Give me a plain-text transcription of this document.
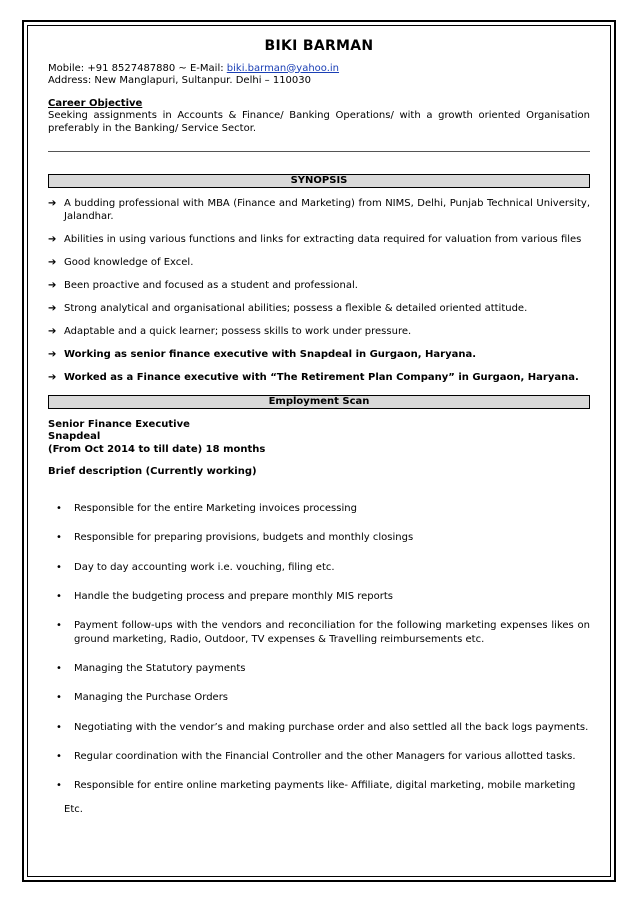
BIKI BARMAN

Mobile: +91 8527487880 ~ E-Mail: biki.barman@yahoo.in

Address: New Manglapuri, Sultanpur. Delhi – 110030

Career Objective

Seeking assignments in Accounts & Finance/ Banking Operations/ with a growth oriented Organisation preferably in the Banking/ Service Sector.

SYNOPSIS
➔ A budding professional with MBA (Finance and Marketing) from NIMS, Delhi, Punjab Technical University, Jalandhar.
➔ Abilities in using various functions and links for extracting data required for valuation from various files
➔ Good knowledge of Excel.
➔ Been proactive and focused as a student and professional.
➔ Strong analytical and organisational abilities; possess a flexible & detailed oriented attitude.
➔ Adaptable and a quick learner; possess skills to work under pressure.
➔ Working as senior finance executive with Snapdeal in Gurgaon, Haryana.
➔ Worked as a Finance executive with “The Retirement Plan Company” in Gurgaon, Haryana.
Employment Scan
Senior Finance Executive
Snapdeal
(From Oct 2014 to till date) 18 months
Brief description (Currently working)
• Responsible for the entire Marketing invoices processing
• Responsible for preparing provisions, budgets and monthly closings
• Day to day accounting work i.e. vouching, filing etc.
• Handle the budgeting process and prepare monthly MIS reports
• Payment follow-ups with the vendors and reconciliation for the following marketing expenses likes on ground marketing, Radio, Outdoor, TV expenses & Travelling reimbursements etc.
• Managing the Statutory payments
• Managing the Purchase Orders
• Negotiating with the vendor’s and making purchase order and also settled all the back logs payments.
• Regular coordination with the Financial Controller and the other Managers for various allotted tasks.
• Responsible for entire online marketing payments like- Affiliate, digital marketing, mobile marketing
Etc.
